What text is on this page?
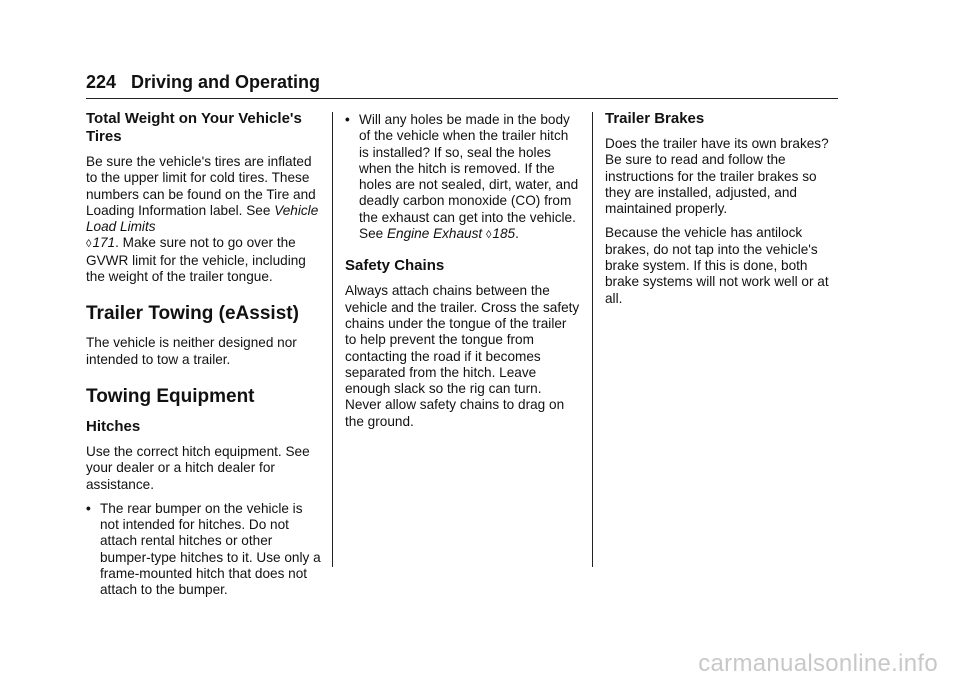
224 Driving and Operating
Total Weight on Your Vehicle's Tires

Be sure the vehicle's tires are inflated to the upper limit for cold tires. These numbers can be found on the Tire and Loading Information label. See Vehicle Load Limits
◊171. Make sure not to go over the GVWR limit for the vehicle, including the weight of the trailer tongue.

Trailer Towing (eAssist)

The vehicle is neither designed nor intended to tow a trailer.

Towing Equipment
Hitches

Use the correct hitch equipment. See your dealer or a hitch dealer for assistance.

• The rear bumper on the vehicle is not intended for hitches. Do not attach rental hitches or other bumper-type hitches to it. Use only a frame-mounted hitch that does not attach to the bumper.
• Will any holes be made in the body of the vehicle when the trailer hitch is installed? If so, seal the holes when the hitch is removed. If the holes are not sealed, dirt, water, and deadly carbon monoxide (CO) from the exhaust can get into the vehicle. See Engine Exhaust ◊185.
Safety Chains

Always attach chains between the vehicle and the trailer. Cross the safety chains under the tongue of the trailer to help prevent the tongue from contacting the road if it becomes separated from the hitch. Leave enough slack so the rig can turn. Never allow safety chains to drag on the ground.

Trailer Brakes

Does the trailer have its own brakes? Be sure to read and follow the instructions for the trailer brakes so they are installed, adjusted, and maintained properly.

Because the vehicle has antilock brakes, do not tap into the vehicle's brake system. If this is done, both brake systems will not work well or at all.

carmanualsonline.info
